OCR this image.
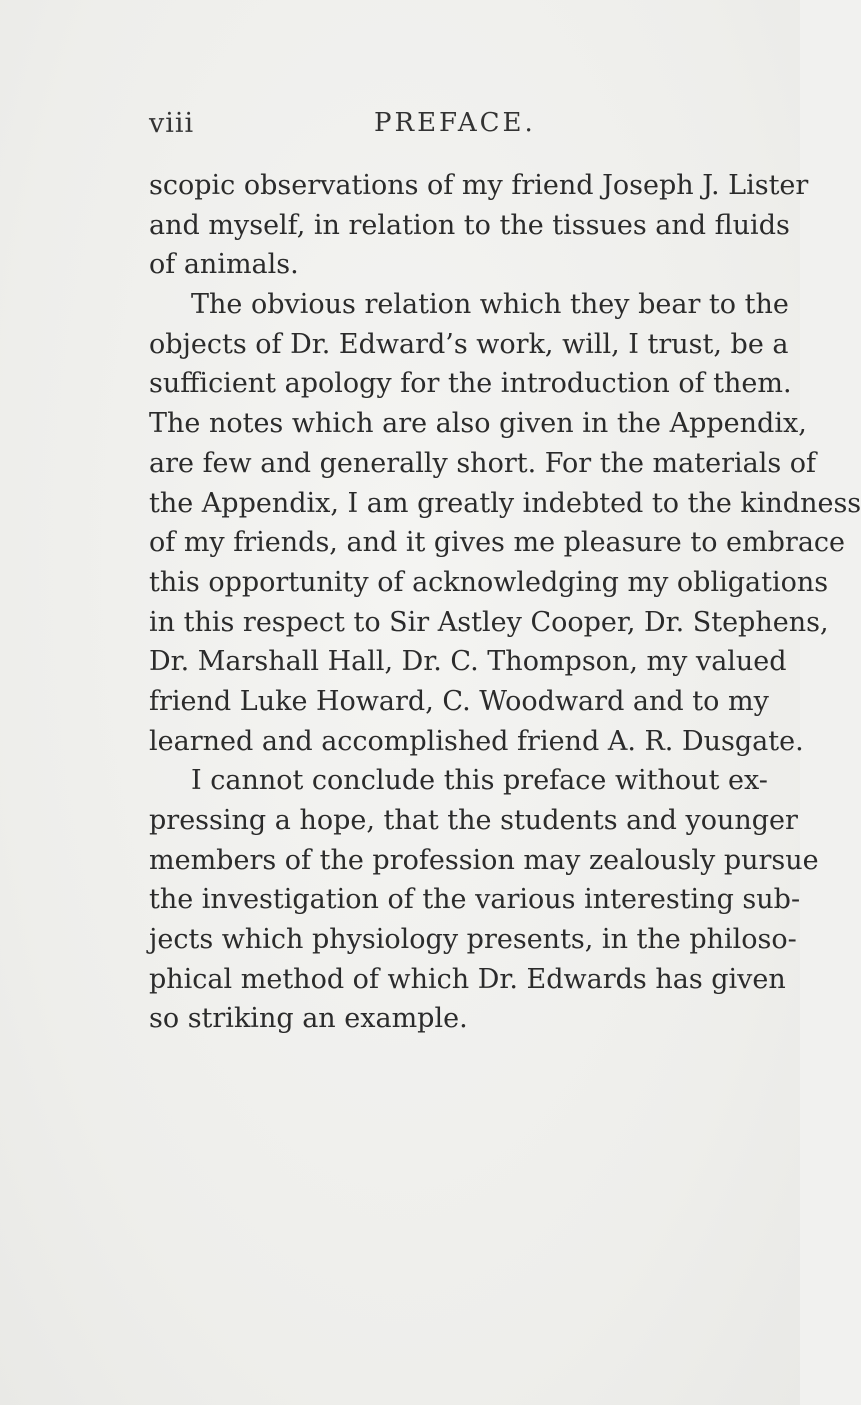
viii	PREFACE.
scopic observations of my friend Joseph J. Lister
and myself, in relation to the tissues and fluids
of animals.
The obvious relation which they bear to the
objects of Dr. Edward’s work, will, I trust, be a
sufficient apology for the introduction of them.
The notes which are also given in the Appendix,
are few and generally short. For the materials of
the Appendix, I am greatly indebted to the kindness
of my friends, and it gives me pleasure to embrace
this opportunity of acknowledging my obligations
in this respect to Sir Astley Cooper, Dr. Stephens,
Dr. Marshall Hall, Dr. C. Thompson, my valued
friend Luke Howard, C. Woodward and to my
learned and accomplished friend A. R. Dusgate.
I cannot conclude this preface without ex-
pressing a hope, that the students and younger
members of the profession may zealously pursue
the investigation of the various interesting sub-
jects which physiology presents, in the philoso-
phical method of which Dr. Edwards has given
so striking an example.
